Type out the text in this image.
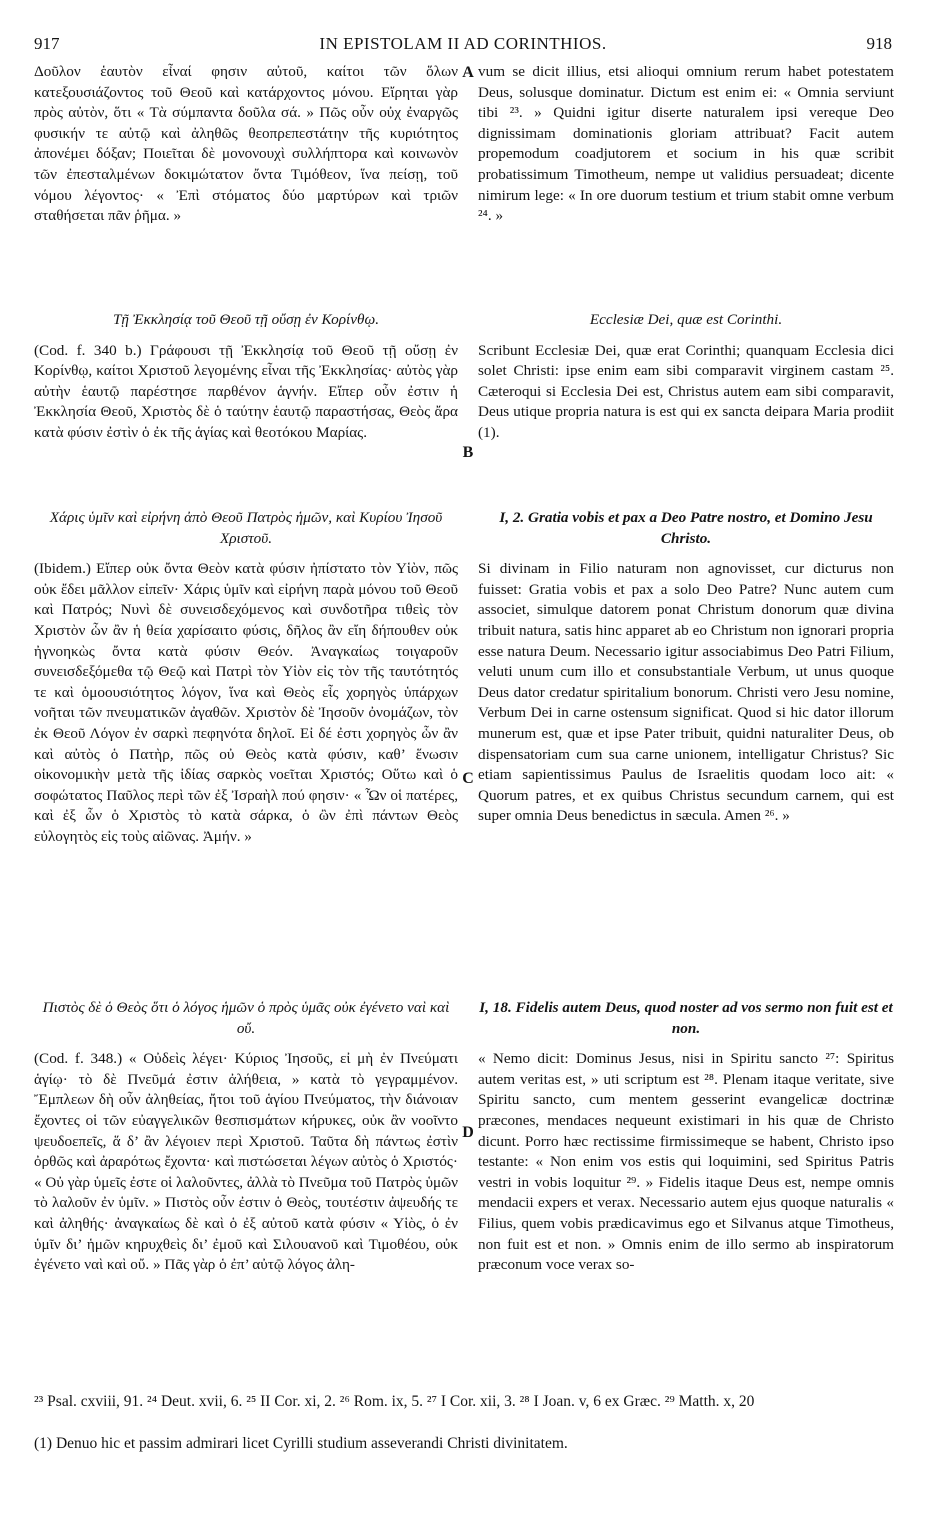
917	IN EPISTOLAM II AD CORINTHIOS.	918

Δοῦλον ἑαυτὸν εἶναί φησιν αὐτοῦ, καίτοι τῶν ὅλων κατεξουσιάζοντος τοῦ Θεοῦ καὶ κατάρχοντος μόνου. Εἴρηται γὰρ πρὸς αὐτὸν, ὅτι « Τὰ σύμπαντα δοῦλα σά. » Πῶς οὖν οὐχ ἐναργῶς φυσικήν τε αὐτῷ καὶ ἀληθῶς θεοπρεπεστάτην τῆς κυριότητος ἀπονέμει δόξαν; Ποιεῖται δὲ μονονουχὶ συλλήπτορα καὶ κοινωνὸν τῶν ἐπεσταλμένων δοκιμώτατον ὄντα Τιμόθεον, ἵνα πείσῃ, τοῦ νόμου λέγοντος· « Ἐπὶ στόματος δύο μαρτύρων καὶ τριῶν σταθήσεται πᾶν ῥῆμα. »

Τῇ Ἐκκλησίᾳ τοῦ Θεοῦ τῇ οὔσῃ ἐν Κορίνθῳ.

(Cod. f. 340 b.) Γράφουσι τῇ Ἐκκλησίᾳ τοῦ Θεοῦ τῇ οὔσῃ ἐν Κορίνθῳ, καίτοι Χριστοῦ λεγομένης εἶναι τῆς Ἐκκλησίας· αὐτὸς γὰρ αὐτὴν ἑαυτῷ παρέστησε παρθένον ἁγνήν. Εἴπερ οὖν ἐστιν ἡ Ἐκκλησία Θεοῦ, Χριστὸς δὲ ὁ ταύτην ἑαυτῷ παραστήσας, Θεὸς ἄρα κατὰ φύσιν ἐστὶν ὁ ἐκ τῆς ἁγίας καὶ θεοτόκου Μαρίας.

Χάρις ὑμῖν καὶ εἰρήνη ἀπὸ Θεοῦ Πατρὸς ἡμῶν, καὶ Κυρίου Ἰησοῦ Χριστοῦ.

(Ibidem.) Εἴπερ οὐκ ὄντα Θεὸν κατὰ φύσιν ἠπίστατο τὸν Υἱὸν, πῶς οὐκ ἔδει μᾶλλον εἰπεῖν· Χάρις ὑμῖν καὶ εἰρήνη παρὰ μόνου τοῦ Θεοῦ καὶ Πατρός; Νυνὶ δὲ συνεισδεχόμενος καὶ συνδοτῆρα τιθεὶς τὸν Χριστὸν ὧν ἂν ἡ θεία χαρίσαιτο φύσις, δῆλος ἂν εἴη δήπουθεν οὐκ ἠγνοηκὼς ὄντα κατὰ φύσιν Θεόν. Ἀναγκαίως τοιγαροῦν συνεισδεξόμεθα τῷ Θεῷ καὶ Πατρὶ τὸν Υἱὸν εἰς τὸν τῆς ταυτότητός τε καὶ ὁμοουσιότητος λόγον, ἵνα καὶ Θεὸς εἷς χορηγὸς ὑπάρχων νοῆται τῶν πνευματικῶν ἀγαθῶν. Χριστὸν δὲ Ἰησοῦν ὀνομάζων, τὸν ἐκ Θεοῦ Λόγον ἐν σαρκὶ πεφηνότα δηλοῖ. Εἰ δέ ἐστι χορηγὸς ὧν ἂν καὶ αὐτὸς ὁ Πατὴρ, πῶς οὐ Θεὸς κατὰ φύσιν, καθ’ ἕνωσιν οἰκονομικὴν μετὰ τῆς ἰδίας σαρκὸς νοεῖται Χριστός; Οὕτω καὶ ὁ σοφώτατος Παῦλος περὶ τῶν ἐξ Ἰσραὴλ πού φησιν· « Ὧν οἱ πατέρες, καὶ ἐξ ὧν ὁ Χριστὸς τὸ κατὰ σάρκα, ὁ ὢν ἐπὶ πάντων Θεὸς εὐλογητὸς εἰς τοὺς αἰῶνας. Ἀμήν. »

Πιστὸς δὲ ὁ Θεὸς ὅτι ὁ λόγος ἡμῶν ὁ πρὸς ὑμᾶς οὐκ ἐγένετο ναὶ καὶ οὔ.

(Cod. f. 348.) « Οὐδεὶς λέγει· Κύριος Ἰησοῦς, εἰ μὴ ἐν Πνεύματι ἁγίῳ· τὸ δὲ Πνεῦμά ἐστιν ἀλήθεια, » κατὰ τὸ γεγραμμένον. Ἔμπλεων δὴ οὖν ἀληθείας, ἤτοι τοῦ ἁγίου Πνεύματος, τὴν διάνοιαν ἔχοντες οἱ τῶν εὐαγγελικῶν θεσπισμάτων κήρυκες, οὐκ ἂν νοοῖντο ψευδοεπεῖς, ἅ δ’ ἂν λέγοιεν περὶ Χριστοῦ. Ταῦτα δὴ πάντως ἐστὶν ὀρθῶς καὶ ἀραρότως ἔχοντα· καὶ πιστώσεται λέγων αὐτὸς ὁ Χριστός· « Οὐ γὰρ ὑμεῖς ἐστε οἱ λαλοῦντες, ἀλλὰ τὸ Πνεῦμα τοῦ Πατρὸς ὑμῶν τὸ λαλοῦν ἐν ὑμῖν. » Πιστὸς οὖν ἐστιν ὁ Θεὸς, τουτέστιν ἀψευδής τε καὶ ἀληθής· ἀναγκαίως δὲ καὶ ὁ ἐξ αὐτοῦ κατὰ φύσιν « Υἱὸς, ὁ ἐν ὑμῖν δι’ ἡμῶν κηρυχθεὶς δι’ ἐμοῦ καὶ Σιλουανοῦ καὶ Τιμοθέου, οὐκ ἐγένετο ναὶ καὶ οὔ. » Πᾶς γὰρ ὁ ἐπ’ αὐτῷ λόγος ἀλη-

A
B
C
D

vum se dicit illius, etsi alioqui omnium rerum habet potestatem Deus, solusque dominatur. Dictum est enim ei: « Omnia serviunt tibi ²³. » Quidni igitur diserte naturalem ipsi vereque Deo dignissimam dominationis gloriam attribuat? Facit autem propemodum coadjutorem et socium in his quæ scribit probatissimum Timotheum, nempe ut validius persuadeat; dicente nimirum lege: « In ore duorum testium et trium stabit omne verbum ²⁴. »

Ecclesiæ Dei, quæ est Corinthi.

Scribunt Ecclesiæ Dei, quæ erat Corinthi; quanquam Ecclesia dici solet Christi: ipse enim eam sibi comparavit virginem castam ²⁵. Cæteroqui si Ecclesia Dei est, Christus autem eam sibi comparavit, Deus utique propria natura is est qui ex sancta deipara Maria prodiit (1).

I, 2. Gratia vobis et pax a Deo Patre nostro, et Domino Jesu Christo.

Si divinam in Filio naturam non agnovisset, cur dicturus non fuisset: Gratia vobis et pax a solo Deo Patre? Nunc autem cum associet, simulque datorem ponat Christum donorum quæ divina tribuit natura, satis hinc apparet ab eo Christum non ignorari propria esse natura Deum. Necessario igitur associabimus Deo Patri Filium, veluti unum cum illo et consubstantiale Verbum, ut unus quoque Deus dator credatur spiritalium bonorum. Christi vero Jesu nomine, Verbum Dei in carne ostensum significat. Quod si hic dator illorum munerum est, quæ et ipse Pater tribuit, quidni naturaliter Deus, ob dispensatoriam cum sua carne unionem, intelligatur Christus? Sic etiam sapientissimus Paulus de Israelitis quodam loco ait: « Quorum patres, et ex quibus Christus secundum carnem, qui est super omnia Deus benedictus in sæcula. Amen ²⁶. »

I, 18. Fidelis autem Deus, quod noster ad vos sermo non fuit est et non.

« Nemo dicit: Dominus Jesus, nisi in Spiritu sancto ²⁷: Spiritus autem veritas est, » uti scriptum est ²⁸. Plenam itaque veritate, sive Spiritu sancto, cum mentem gesserint evangelicæ doctrinæ præcones, mendaces nequeunt existimari in his quæ de Christo dicunt. Porro hæc rectissime firmissimeque se habent, Christo ipso testante: « Non enim vos estis qui loquimini, sed Spiritus Patris vestri in vobis loquitur ²⁹. » Fidelis itaque Deus est, nempe omnis mendacii expers et verax. Necessario autem ejus quoque naturalis « Filius, quem vobis prædicavimus ego et Silvanus atque Timotheus, non fuit est et non. » Omnis enim de illo sermo ab inspiratorum præconum voce verax so-

²³ Psal. cxviii, 91. ²⁴ Deut. xvii, 6. ²⁵ II Cor. xi, 2. ²⁶ Rom. ix, 5. ²⁷ I Cor. xii, 3. ²⁸ I Joan. v, 6 ex Græc. ²⁹ Matth. x, 20

(1) Denuo hic et passim admirari licet Cyrilli studium asseverandi Christi divinitatem.
